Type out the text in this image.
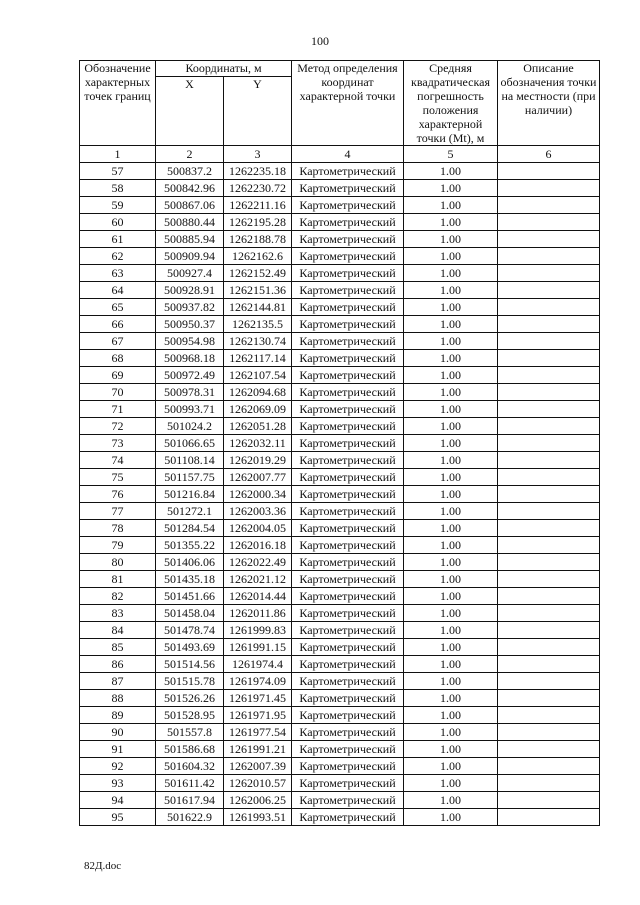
100
Обозначение характерных точек границ	Координаты, м		Метод определения координат характерной точки	Средняя квадратическая погрешность положения характерной точки (Mt), м	Описание обозначения точки на местности (при наличии)
	X	Y			
1	2	3	4	5	6
57	500837.2	1262235.18	Картометрический	1.00	
58	500842.96	1262230.72	Картометрический	1.00	
59	500867.06	1262211.16	Картометрический	1.00	
60	500880.44	1262195.28	Картометрический	1.00	
61	500885.94	1262188.78	Картометрический	1.00	
62	500909.94	1262162.6	Картометрический	1.00	
63	500927.4	1262152.49	Картометрический	1.00	
64	500928.91	1262151.36	Картометрический	1.00	
65	500937.82	1262144.81	Картометрический	1.00	
66	500950.37	1262135.5	Картометрический	1.00	
67	500954.98	1262130.74	Картометрический	1.00	
68	500968.18	1262117.14	Картометрический	1.00	
69	500972.49	1262107.54	Картометрический	1.00	
70	500978.31	1262094.68	Картометрический	1.00	
71	500993.71	1262069.09	Картометрический	1.00	
72	501024.2	1262051.28	Картометрический	1.00	
73	501066.65	1262032.11	Картометрический	1.00	
74	501108.14	1262019.29	Картометрический	1.00	
75	501157.75	1262007.77	Картометрический	1.00	
76	501216.84	1262000.34	Картометрический	1.00	
77	501272.1	1262003.36	Картометрический	1.00	
78	501284.54	1262004.05	Картометрический	1.00	
79	501355.22	1262016.18	Картометрический	1.00	
80	501406.06	1262022.49	Картометрический	1.00	
81	501435.18	1262021.12	Картометрический	1.00	
82	501451.66	1262014.44	Картометрический	1.00	
83	501458.04	1262011.86	Картометрический	1.00	
84	501478.74	1261999.83	Картометрический	1.00	
85	501493.69	1261991.15	Картометрический	1.00	
86	501514.56	1261974.4	Картометрический	1.00	
87	501515.78	1261974.09	Картометрический	1.00	
88	501526.26	1261971.45	Картометрический	1.00	
89	501528.95	1261971.95	Картометрический	1.00	
90	501557.8	1261977.54	Картометрический	1.00	
91	501586.68	1261991.21	Картометрический	1.00	
92	501604.32	1262007.39	Картометрический	1.00	
93	501611.42	1262010.57	Картометрический	1.00	
94	501617.94	1262006.25	Картометрический	1.00	
95	501622.9	1261993.51	Картометрический	1.00	
82Д.doc
